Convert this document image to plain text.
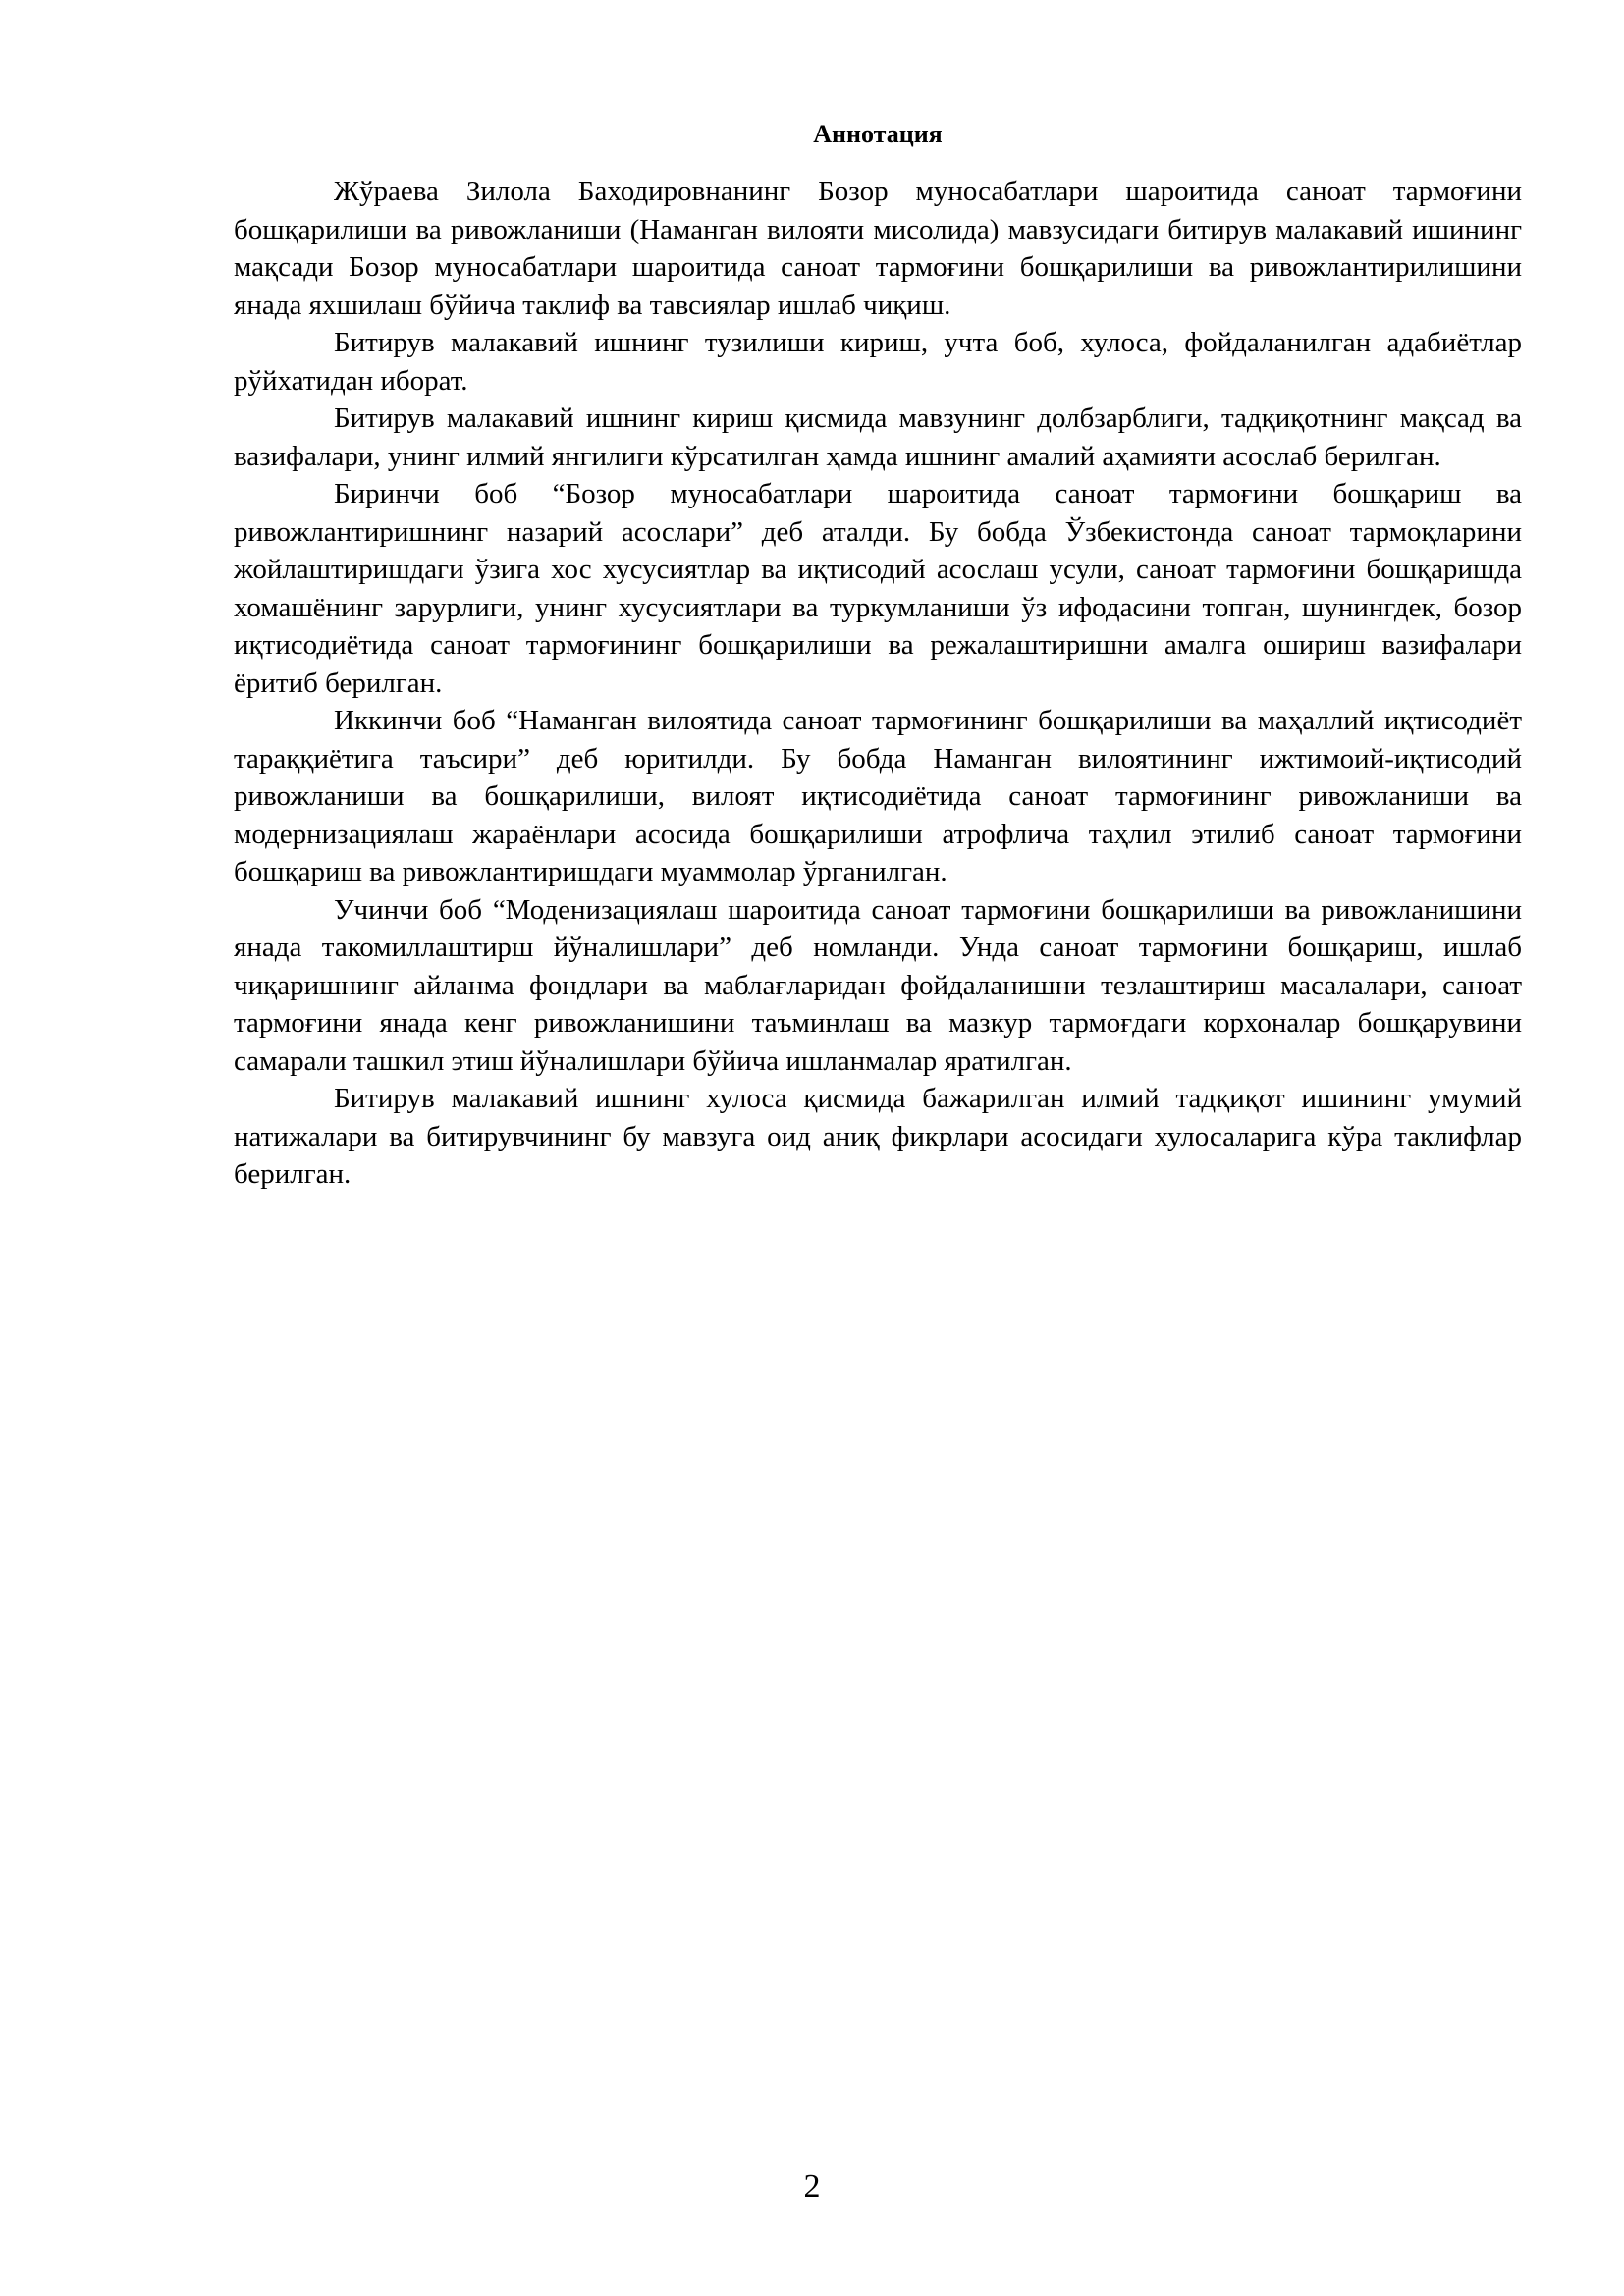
Аннотация

Жўраева Зилола Баходировнанинг Бозор муносабатлари шароитида саноат тармоғини бошқарилиши ва ривожланиши (Наманган вилояти мисолида) мавзусидаги битирув малакавий ишининг мақсади Бозор муносабатлари шароитида саноат тармоғини бошқарилиши ва ривожлантирилишини янада яхшилаш бўйича таклиф ва тавсиялар ишлаб чиқиш.

Битирув малакавий ишнинг тузилиши кириш, учта боб, хулоса, фойдаланилган адабиётлар рўйхатидан иборат.

Битирув малакавий ишнинг кириш қисмида мавзунинг долбзарблиги, тадқиқотнинг мақсад ва вазифалари, унинг илмий янгилиги кўрсатилган ҳамда ишнинг амалий аҳамияти асослаб берилган.

Биринчи боб “Бозор муносабатлари шароитида саноат тармоғини бошқариш ва ривожлантиришнинг назарий асослари” деб аталди. Бу бобда Ўзбекистонда саноат тармоқларини жойлаштиришдаги ўзига хос хусусиятлар ва иқтисодий асослаш усули, саноат тармоғини бошқаришда хомашёнинг зарурлиги, унинг хусусиятлари ва туркумланиши ўз ифодасини топган, шунингдек, бозор иқтисодиётида саноат тармоғининг бошқарилиши ва режалаштиришни амалга ошириш вазифалари ёритиб берилган.

Иккинчи боб “Наманган вилоятида саноат тармоғининг бошқарилиши ва маҳаллий иқтисодиёт тараққиётига таъсири” деб юритилди. Бу бобда Наманган вилоятининг ижтимоий-иқтисодий ривожланиши ва бошқарилиши, вилоят иқтисодиётида саноат тармоғининг ривожланиши ва модернизациялаш жараёнлари асосида бошқарилиши атрофлича таҳлил этилиб саноат тармоғини бошқариш ва ривожлантиришдаги муаммолар ўрганилган.

Учинчи боб “Моденизациялаш шароитида саноат тармоғини бошқарилиши ва ривожланишини янада такомиллаштирш йўналишлари” деб номланди. Унда саноат тармоғини бошқариш, ишлаб чиқаришнинг айланма фондлари ва маблағларидан фойдаланишни тезлаштириш масалалари, саноат тармоғини янада кенг ривожланишини таъминлаш ва мазкур тармоғдаги корхоналар бошқарувини самарали ташкил этиш йўналишлари бўйича ишланмалар яратилган.

Битирув малакавий ишнинг хулоса қисмида бажарилган илмий тадқиқот ишининг умумий натижалари ва битирувчининг бу мавзуга оид аниқ фикрлари асосидаги хулосаларига кўра таклифлар берилган.

2
